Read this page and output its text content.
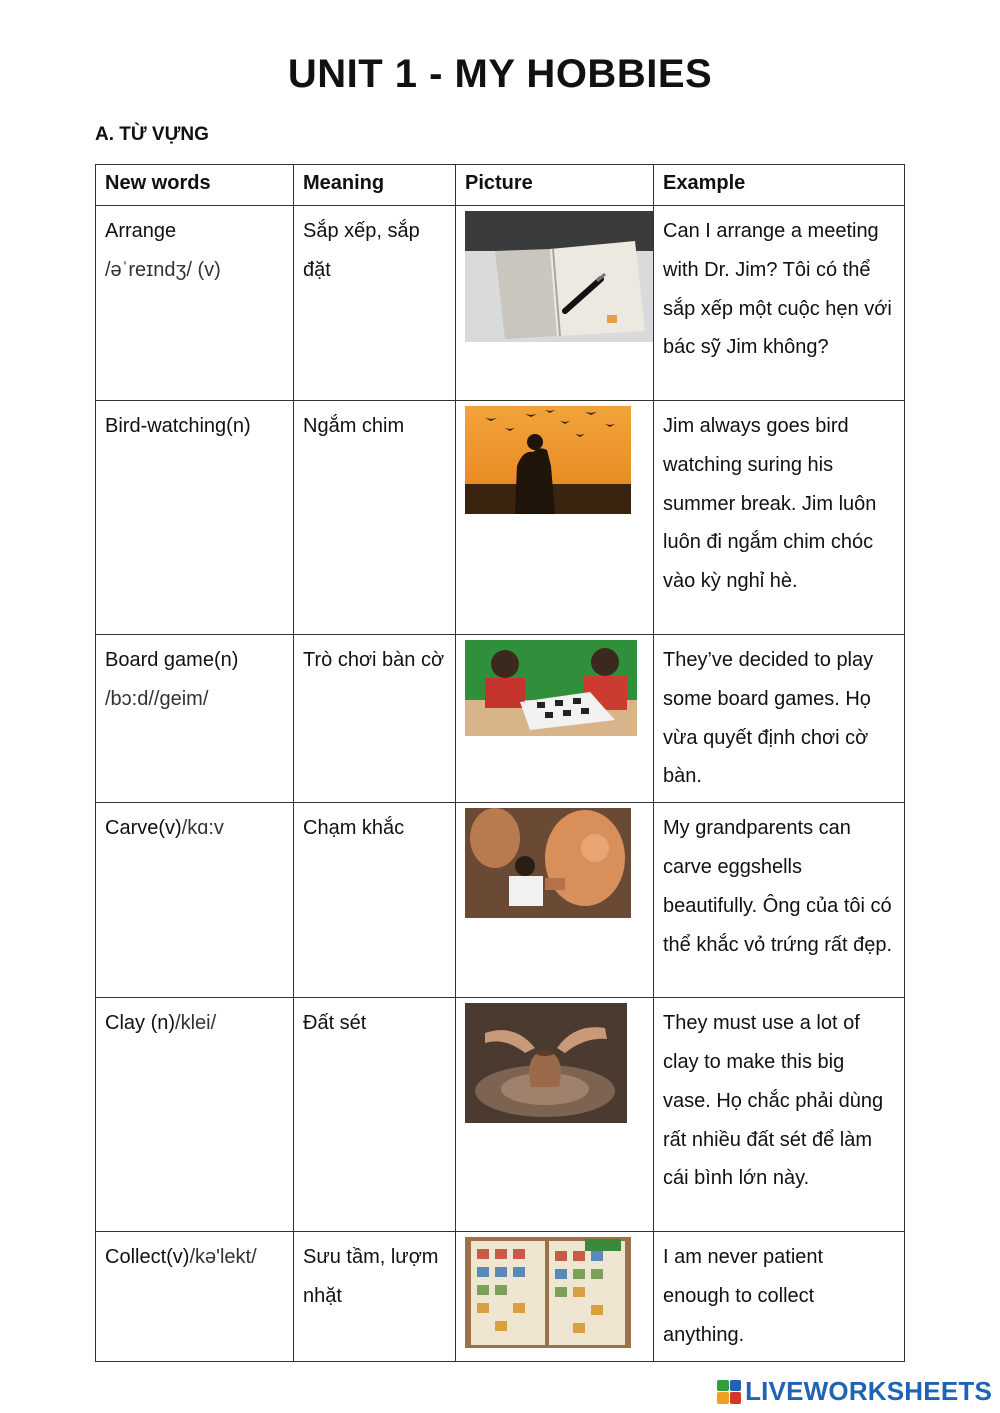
UNIT 1 - MY HOBBIES
A. TỪ VỰNG
New words	Meaning	Picture	Example
Arrange
/əˈreɪndʒ/ (v)	Sắp xếp, sắp đặt		Can I arrange a meeting with Dr. Jim? Tôi có thể sắp xếp một cuộc hẹn với bác sỹ Jim không?
Bird-watching(n)	Ngắm chim		Jim always goes bird watching suring his summer break. Jim luôn luôn đi ngắm chim chóc vào kỳ nghỉ hè.
Board game(n)
/bɔ:d//geim/	Trò chơi bàn cờ		They’ve decided to play some board games. Họ vừa quyết định chơi cờ bàn.
Carve(v)/kɑ:v	Chạm khắc		My grandparents can carve eggshells beautifully. Ông của tôi có thể khắc vỏ trứng rất đẹp.
Clay (n)/klei/	Đất sét		They must use a lot of clay to make this big vase. Họ chắc phải dùng rất nhiều đất sét để làm cái bình lớn này.
Collect(v)/kə'lekt/	Sưu tầm, lượm nhặt		I am never patient enough to collect anything.
LIVEWORKSHEETS
